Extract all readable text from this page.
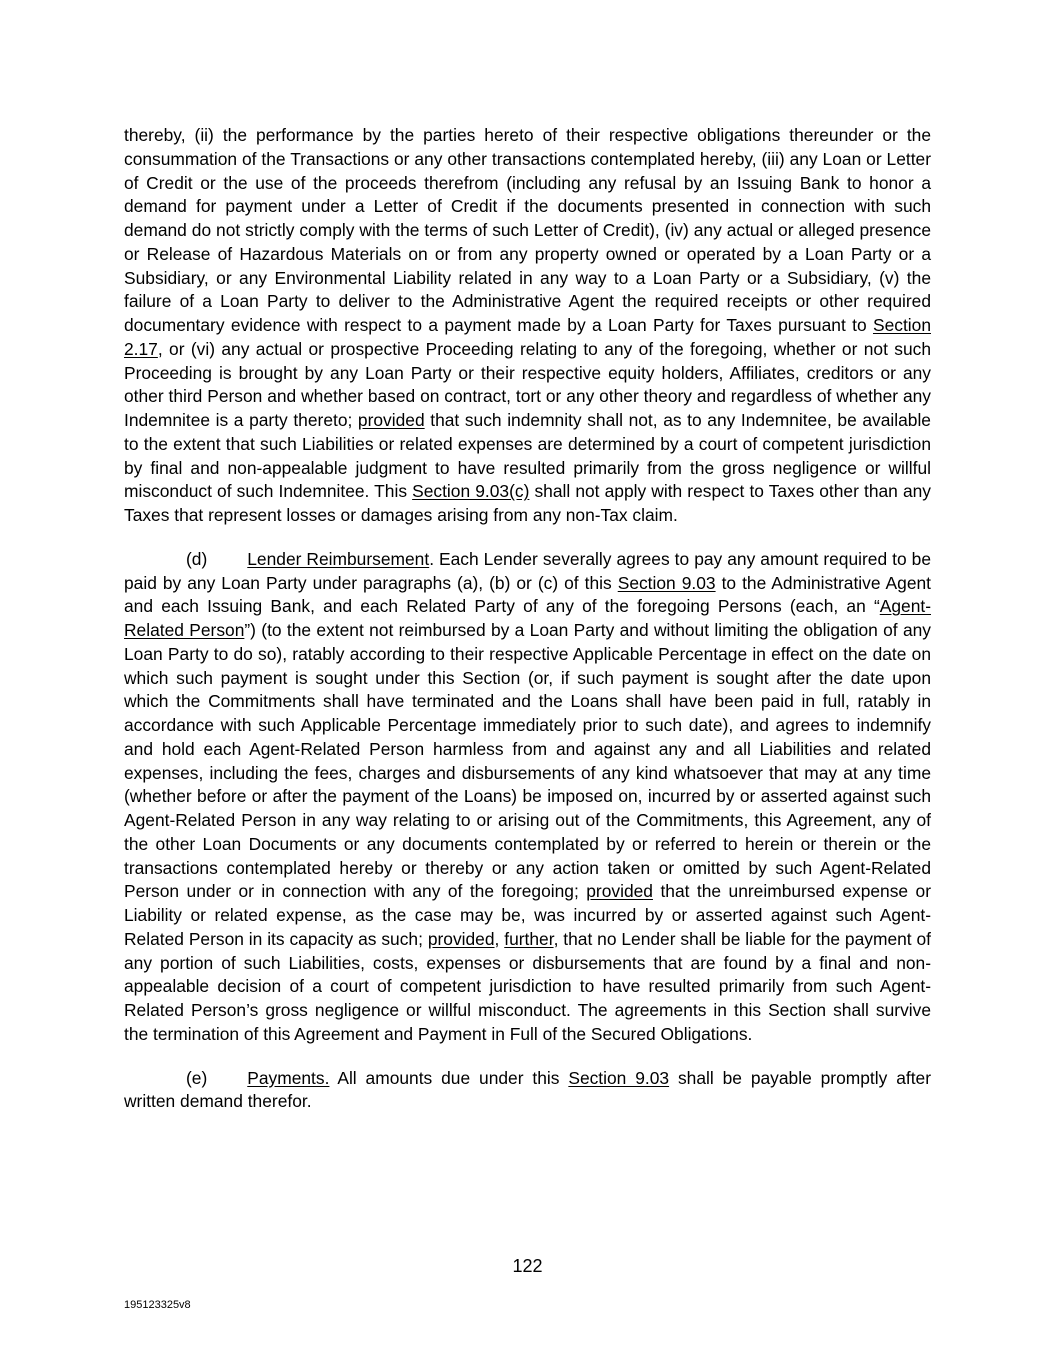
thereby, (ii) the performance by the parties hereto of their respective obligations thereunder or the consummation of the Transactions or any other transactions contemplated hereby, (iii) any Loan or Letter of Credit or the use of the proceeds therefrom (including any refusal by an Issuing Bank to honor a demand for payment under a Letter of Credit if the documents presented in connection with such demand do not strictly comply with the terms of such Letter of Credit), (iv) any actual or alleged presence or Release of Hazardous Materials on or from any property owned or operated by a Loan Party or a Subsidiary, or any Environmental Liability related in any way to a Loan Party or a Subsidiary, (v) the failure of a Loan Party to deliver to the Administrative Agent the required receipts or other required documentary evidence with respect to a payment made by a Loan Party for Taxes pursuant to Section 2.17, or (vi) any actual or prospective Proceeding relating to any of the foregoing, whether or not such Proceeding is brought by any Loan Party or their respective equity holders, Affiliates, creditors or any other third Person and whether based on contract, tort or any other theory and regardless of whether any Indemnitee is a party thereto; provided that such indemnity shall not, as to any Indemnitee, be available to the extent that such Liabilities or related expenses are determined by a court of competent jurisdiction by final and non-appealable judgment to have resulted primarily from the gross negligence or willful misconduct of such Indemnitee. This Section 9.03(c) shall not apply with respect to Taxes other than any Taxes that represent losses or damages arising from any non-Tax claim.

(d) Lender Reimbursement. Each Lender severally agrees to pay any amount required to be paid by any Loan Party under paragraphs (a), (b) or (c) of this Section 9.03 to the Administrative Agent and each Issuing Bank, and each Related Party of any of the foregoing Persons (each, an “Agent-Related Person”) (to the extent not reimbursed by a Loan Party and without limiting the obligation of any Loan Party to do so), ratably according to their respective Applicable Percentage in effect on the date on which such payment is sought under this Section (or, if such payment is sought after the date upon which the Commitments shall have terminated and the Loans shall have been paid in full, ratably in accordance with such Applicable Percentage immediately prior to such date), and agrees to indemnify and hold each Agent-Related Person harmless from and against any and all Liabilities and related expenses, including the fees, charges and disbursements of any kind whatsoever that may at any time (whether before or after the payment of the Loans) be imposed on, incurred by or asserted against such Agent-Related Person in any way relating to or arising out of the Commitments, this Agreement, any of the other Loan Documents or any documents contemplated by or referred to herein or therein or the transactions contemplated hereby or thereby or any action taken or omitted by such Agent-Related Person under or in connection with any of the foregoing; provided that the unreimbursed expense or Liability or related expense, as the case may be, was incurred by or asserted against such Agent-Related Person in its capacity as such; provided, further, that no Lender shall be liable for the payment of any portion of such Liabilities, costs, expenses or disbursements that are found by a final and non-appealable decision of a court of competent jurisdiction to have resulted primarily from such Agent-Related Person’s gross negligence or willful misconduct. The agreements in this Section shall survive the termination of this Agreement and Payment in Full of the Secured Obligations.

(e) Payments. All amounts due under this Section 9.03 shall be payable promptly after written demand therefor.

122
195123325v8
